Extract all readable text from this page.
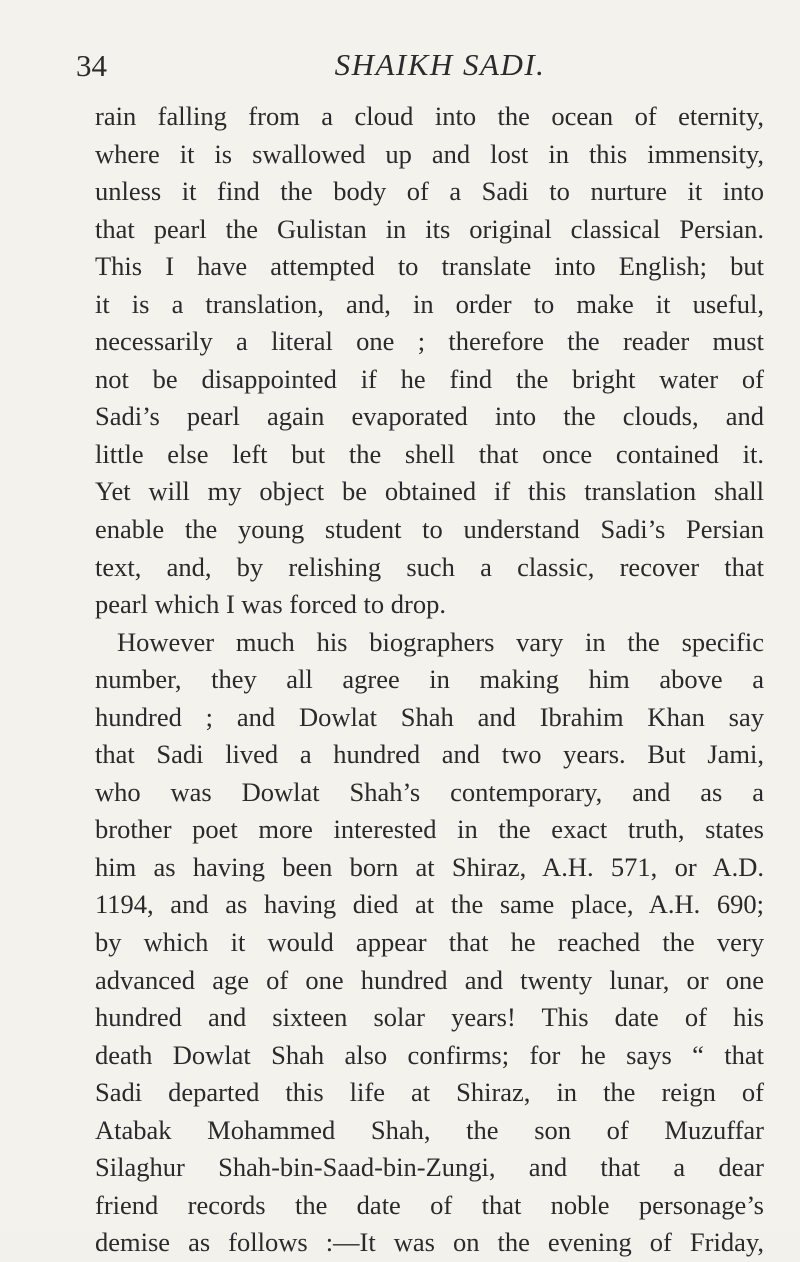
34	SHAIKH SADI.
rain falling from a cloud into the ocean of eternity,
where it is swallowed up and lost in this immensity,
unless it find the body of a Sadi to nurture it into
that pearl the Gulistan in its original classical Persian.
This I have attempted to translate into English; but
it is a translation, and, in order to make it useful,
necessarily a literal one ; therefore the reader must
not be disappointed if he find the bright water of
Sadi’s pearl again evaporated into the clouds, and
little else left but the shell that once contained it.
Yet will my object be obtained if this translation shall
enable the young student to understand Sadi’s Persian
text, and, by relishing such a classic, recover that
pearl which I was forced to drop.
However much his biographers vary in the specific
number, they all agree in making him above a
hundred ; and Dowlat Shah and Ibrahim Khan say
that Sadi lived a hundred and two years. But Jami,
who was Dowlat Shah’s contemporary, and as a
brother poet more interested in the exact truth, states
him as having been born at Shiraz, A.H. 571, or A.D.
1194, and as having died at the same place, A.H. 690;
by which it would appear that he reached the very
advanced age of one hundred and twenty lunar, or one
hundred and sixteen solar years! This date of his
death Dowlat Shah also confirms; for he says “ that
Sadi departed this life at Shiraz, in the reign of
Atabak Mohammed Shah, the son of Muzuffar
Silaghur Shah-bin-Saad-bin-Zungi, and that a dear
friend records the date of that noble personage’s
demise as follows :—It was on the evening of Friday,
